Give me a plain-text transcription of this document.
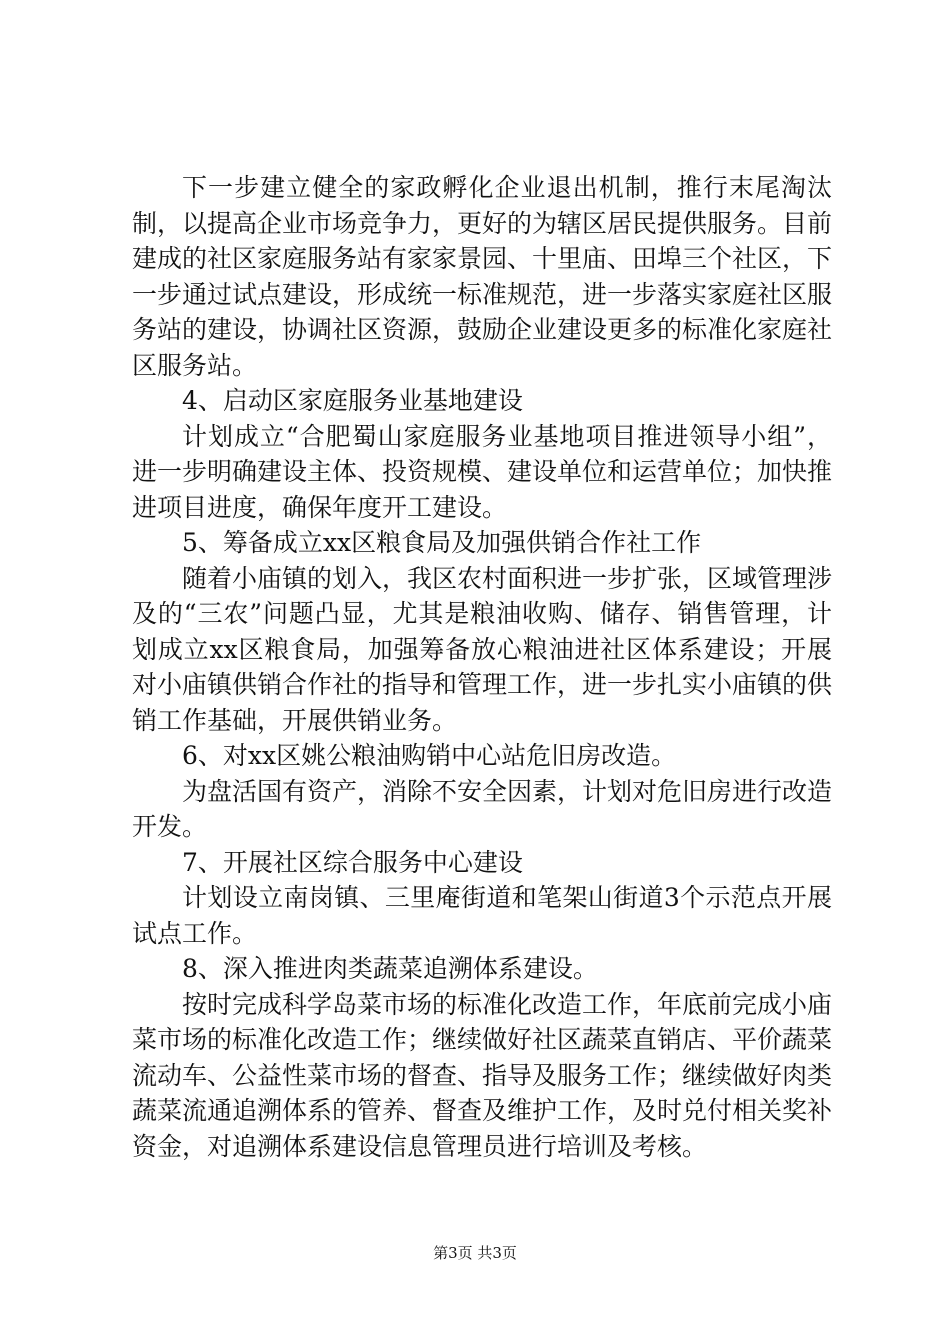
下一步建立健全的家政孵化企业退出机制，推行末尾淘汰制，以提高企业市场竞争力，更好的为辖区居民提供服务。目前建成的社区家庭服务站有家家景园、十里庙、田埠三个社区，下一步通过试点建设，形成统一标准规范，进一步落实家庭社区服务站的建设，协调社区资源，鼓励企业建设更多的标准化家庭社区服务站。

4、启动区家庭服务业基地建设

计划成立“合肥蜀山家庭服务业基地项目推进领导小组”，进一步明确建设主体、投资规模、建设单位和运营单位；加快推进项目进度，确保年度开工建设。

5、筹备成立xx区粮食局及加强供销合作社工作

随着小庙镇的划入，我区农村面积进一步扩张，区域管理涉及的“三农”问题凸显，尤其是粮油收购、储存、销售管理，计划成立xx区粮食局，加强筹备放心粮油进社区体系建设；开展对小庙镇供销合作社的指导和管理工作，进一步扎实小庙镇的供销工作基础，开展供销业务。

6、对xx区姚公粮油购销中心站危旧房改造。

为盘活国有资产，消除不安全因素，计划对危旧房进行改造开发。

7、开展社区综合服务中心建设

计划设立南岗镇、三里庵街道和笔架山街道3个示范点开展试点工作。

8、深入推进肉类蔬菜追溯体系建设。

按时完成科学岛菜市场的标准化改造工作，年底前完成小庙菜市场的标准化改造工作；继续做好社区蔬菜直销店、平价蔬菜流动车、公益性菜市场的督查、指导及服务工作；继续做好肉类蔬菜流通追溯体系的管养、督查及维护工作，及时兑付相关奖补资金，对追溯体系建设信息管理员进行培训及考核。

第3页 共3页
